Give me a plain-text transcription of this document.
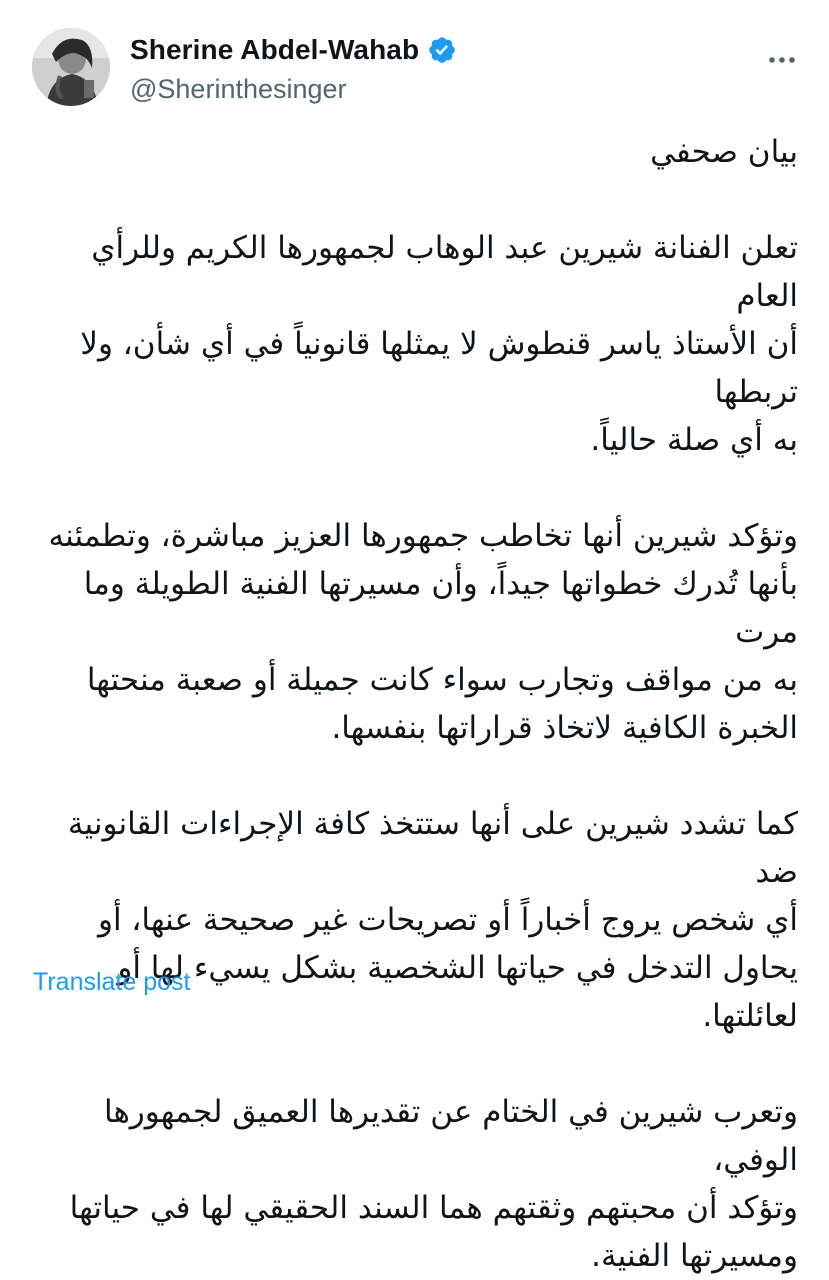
Sherine Abdel-Wahab
@Sherinthesinger

بيان صحفي

تعلن الفنانة شيرين عبد الوهاب لجمهورها الكريم وللرأي العام

أن الأستاذ ياسر قنطوش لا يمثلها قانونياً في أي شأن، ولا تربطها

به أي صلة حالياً.

وتؤكد شيرين أنها تخاطب جمهورها العزيز مباشرة، وتطمئنه

بأنها تُدرك خطواتها جيداً، وأن مسيرتها الفنية الطويلة وما مرت

به من مواقف وتجارب سواء كانت جميلة أو صعبة منحتها

الخبرة الكافية لاتخاذ قراراتها بنفسها.

كما تشدد شيرين على أنها ستتخذ كافة الإجراءات القانونية ضد

أي شخص يروج أخباراً أو تصريحات غير صحيحة عنها، أو

يحاول التدخل في حياتها الشخصية بشكل يسيء لها أو لعائلتها.

وتعرب شيرين في الختام عن تقديرها العميق لجمهورها الوفي،

وتؤكد أن محبتهم وثقتهم هما السند الحقيقي لها في حياتها

ومسيرتها الفنية.

Translate post
